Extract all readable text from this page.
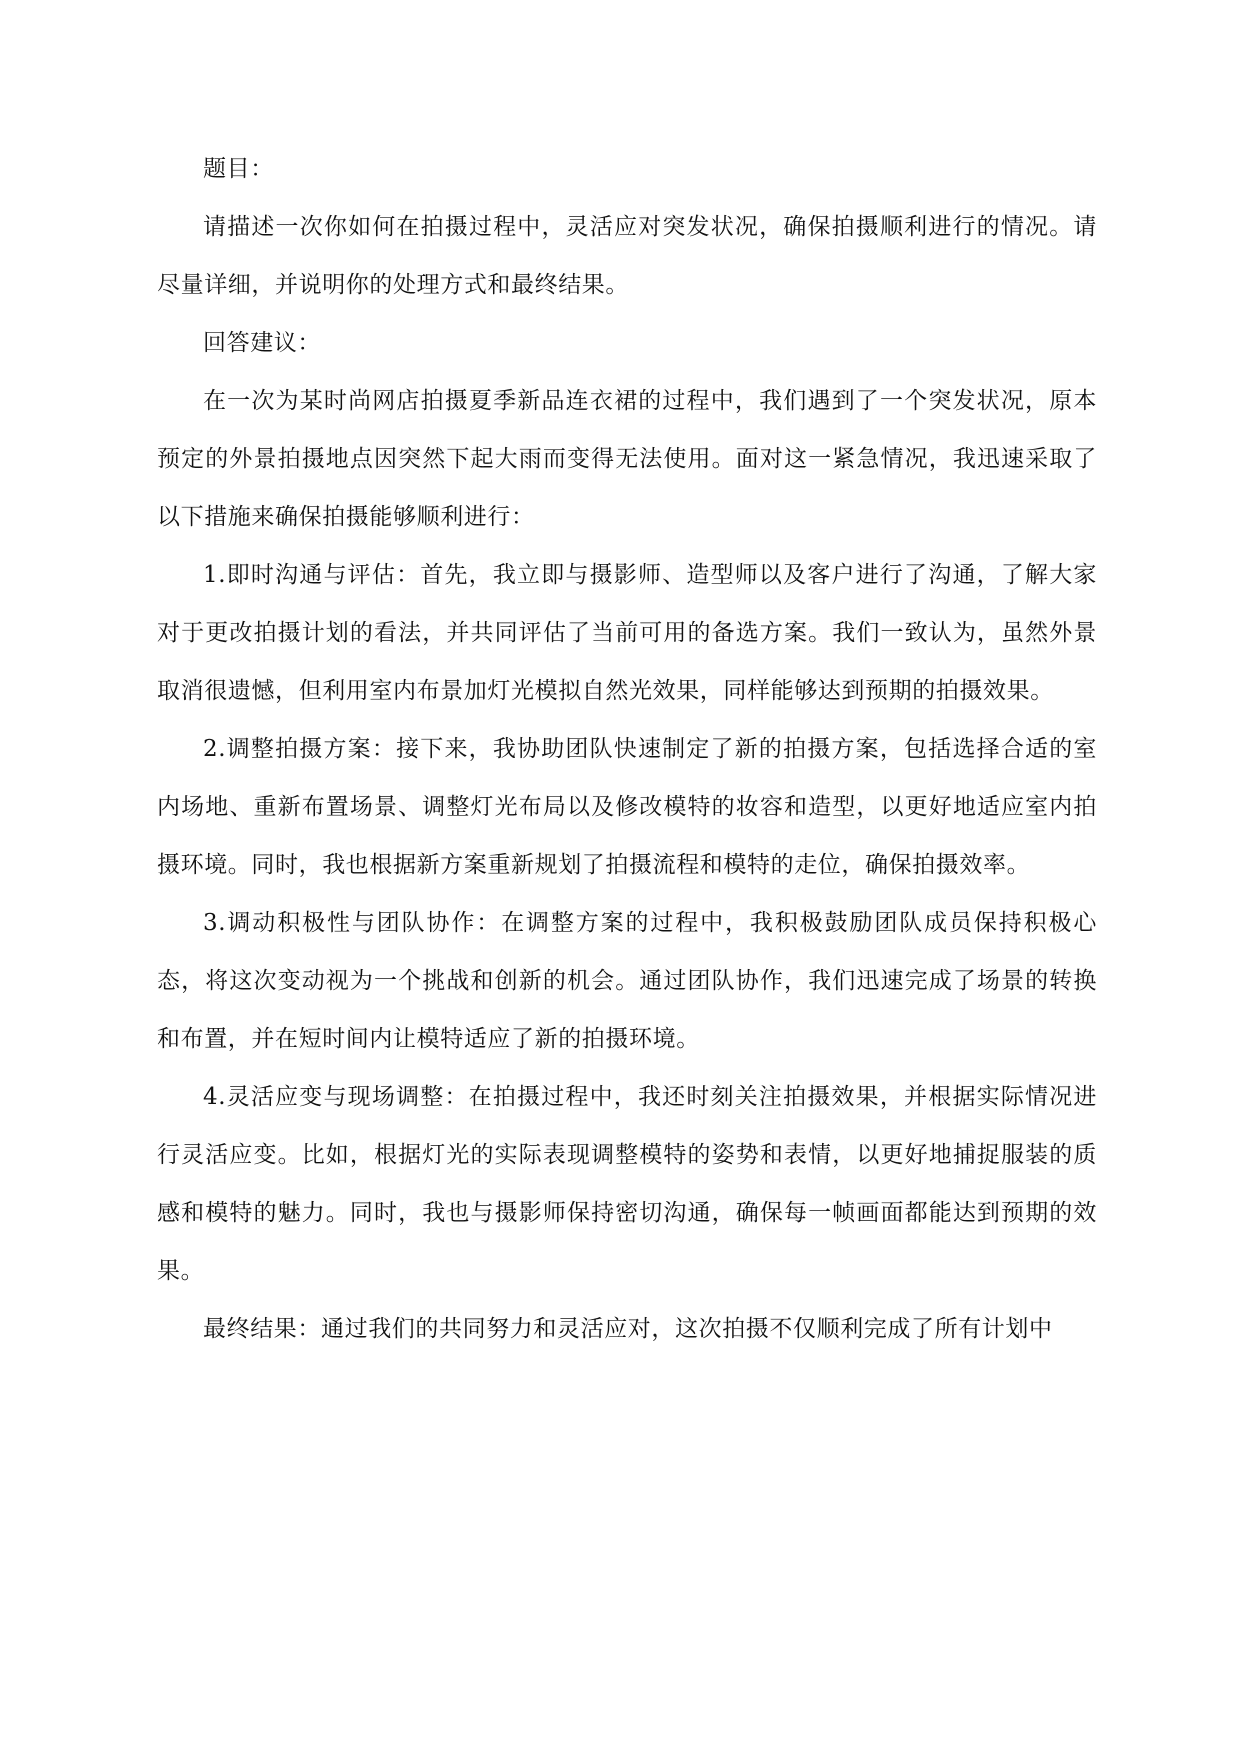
题目：

请描述一次你如何在拍摄过程中，灵活应对突发状况，确保拍摄顺利进行的情况。请尽量详细，并说明你的处理方式和最终结果。

回答建议：

在一次为某时尚网店拍摄夏季新品连衣裙的过程中，我们遇到了一个突发状况，原本预定的外景拍摄地点因突然下起大雨而变得无法使用。面对这一紧急情况，我迅速采取了以下措施来确保拍摄能够顺利进行：

1.即时沟通与评估：首先，我立即与摄影师、造型师以及客户进行了沟通，了解大家对于更改拍摄计划的看法，并共同评估了当前可用的备选方案。我们一致认为，虽然外景取消很遗憾，但利用室内布景加灯光模拟自然光效果，同样能够达到预期的拍摄效果。

2.调整拍摄方案：接下来，我协助团队快速制定了新的拍摄方案，包括选择合适的室内场地、重新布置场景、调整灯光布局以及修改模特的妆容和造型，以更好地适应室内拍摄环境。同时，我也根据新方案重新规划了拍摄流程和模特的走位，确保拍摄效率。

3.调动积极性与团队协作：在调整方案的过程中，我积极鼓励团队成员保持积极心态，将这次变动视为一个挑战和创新的机会。通过团队协作，我们迅速完成了场景的转换和布置，并在短时间内让模特适应了新的拍摄环境。

4.灵活应变与现场调整：在拍摄过程中，我还时刻关注拍摄效果，并根据实际情况进行灵活应变。比如，根据灯光的实际表现调整模特的姿势和表情，以更好地捕捉服装的质感和模特的魅力。同时，我也与摄影师保持密切沟通，确保每一帧画面都能达到预期的效果。

最终结果：通过我们的共同努力和灵活应对，这次拍摄不仅顺利完成了所有计划中
